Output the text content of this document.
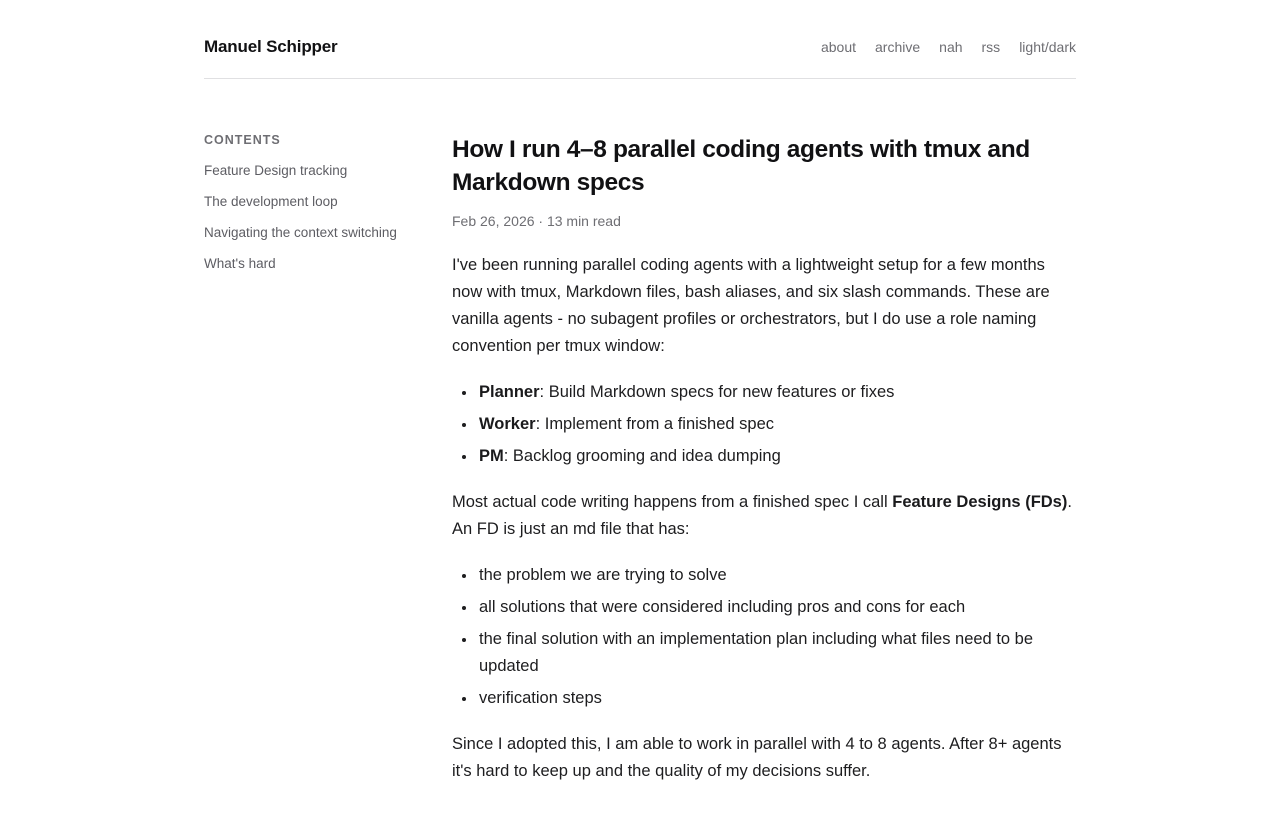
Manuel Schipper	about archive nah rss light/dark
CONTENTS
Feature Design tracking
The development loop
Navigating the context switching
What's hard
How I run 4–8 parallel coding agents with tmux and Markdown specs
Feb 26, 2026 · 13 min read

I've been running parallel coding agents with a lightweight setup for a few months now with tmux, Markdown files, bash aliases, and six slash commands. These are vanilla agents - no subagent profiles or orchestrators, but I do use a role naming convention per tmux window:

• Planner: Build Markdown specs for new features or fixes
• Worker: Implement from a finished spec
• PM: Backlog grooming and idea dumping

Most actual code writing happens from a finished spec I call Feature Designs (FDs). An FD is just an md file that has:

• the problem we are trying to solve
• all solutions that were considered including pros and cons for each
• the final solution with an implementation plan including what files need to be updated
• verification steps

Since I adopted this, I am able to work in parallel with 4 to 8 agents. After 8+ agents it's hard to keep up and the quality of my decisions suffer.
